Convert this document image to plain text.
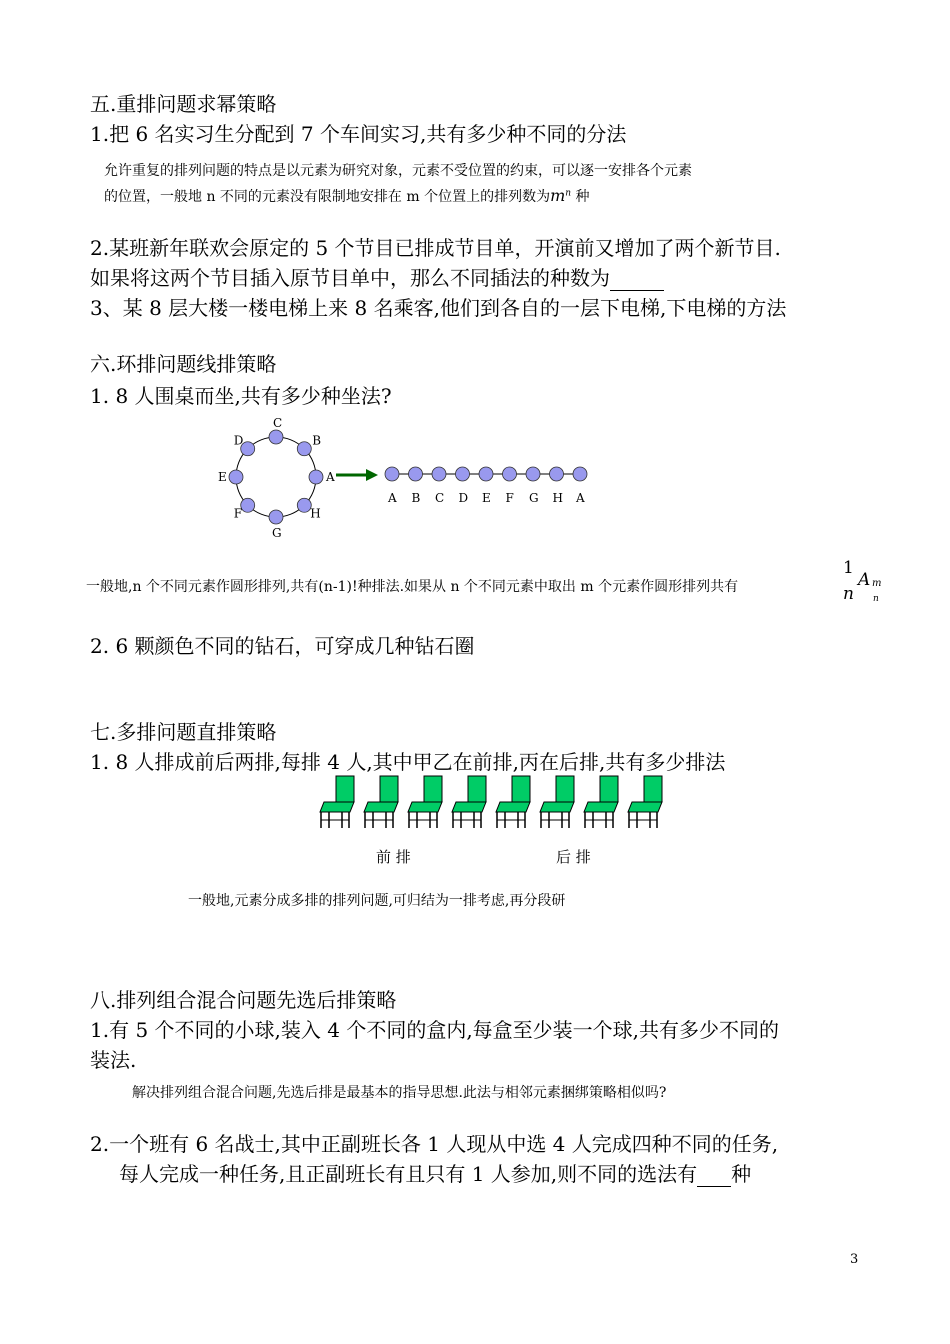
五.重排问题求幂策略
1.把 6 名实习生分配到 7 个车间实习,共有多少种不同的分法
允许重复的排列问题的特点是以元素为研究对象，元素不受位置的约束，可以逐一安排各个元素
的位置，一般地 n 不同的元素没有限制地安排在 m 个位置上的排列数为$m^n$ 种
2.某班新年联欢会原定的 5 个节目已排成节目单，开演前又增加了两个新节目.
如果将这两个节目插入原节目单中，那么不同插法的种数为
3、某 8 层大楼一楼电梯上来 8 名乘客,他们到各自的一层下电梯,下电梯的方法
六.环排问题线排策略
1. 8 人围桌而坐,共有多少种坐法?
A
B
C
D
E
F
G
H
A B C D E F G H A
一般地,n 个不同元素作圆形排列,共有(n-1)!种排法.如果从 n 个不同元素中取出 m 个元素作圆形排列共有
1
n
A m
n
2. 6 颗颜色不同的钻石，可穿成几种钻石圈
七.多排问题直排策略
1. 8 人排成前后两排,每排 4 人,其中甲乙在前排,丙在后排,共有多少排法
前 排	后 排
一般地,元素分成多排的排列问题,可归结为一排考虑,再分段研
八.排列组合混合问题先选后排策略
1.有 5 个不同的小球,装入 4 个不同的盒内,每盒至少装一个球,共有多少不同的
装法.
解决排列组合混合问题,先选后排是最基本的指导思想.此法与相邻元素捆绑策略相似吗?
2.一个班有 6 名战士,其中正副班长各 1 人现从中选 4 人完成四种不同的任务,
每人完成一种任务,且正副班长有且只有 1 人参加,则不同的选法有 种
3
